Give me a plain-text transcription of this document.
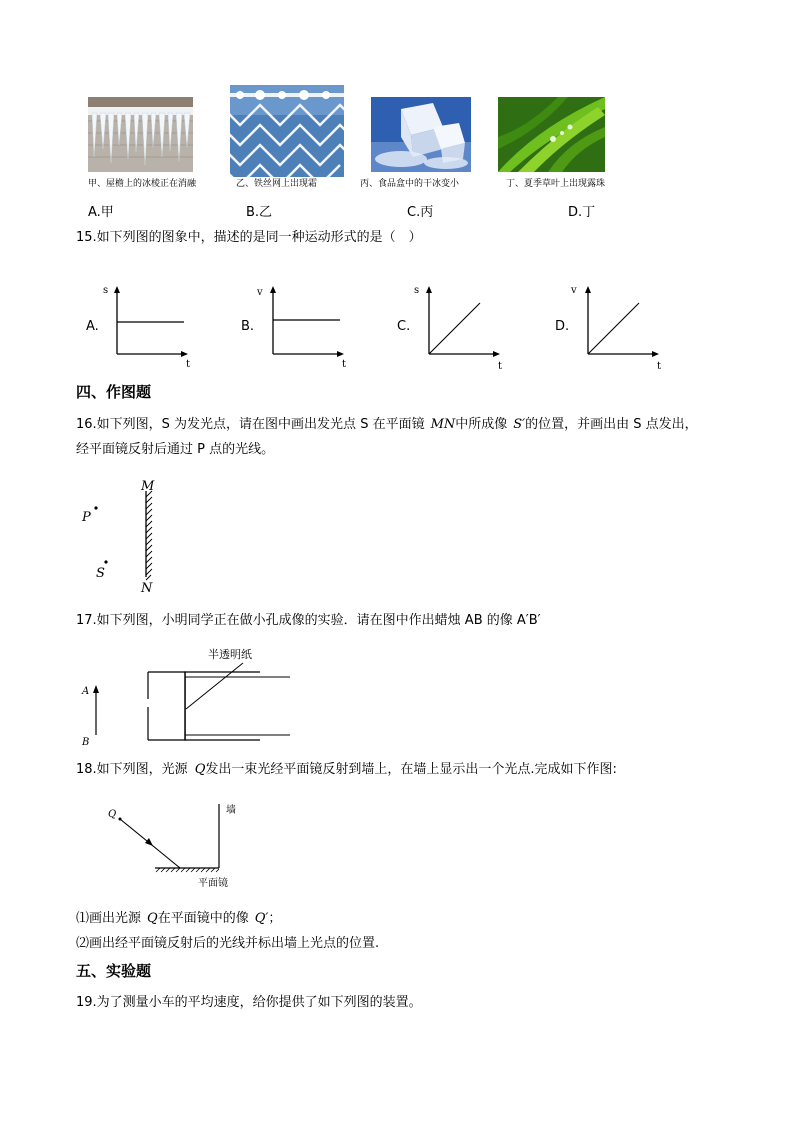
甲、屋檐上的冰棱正在消融	乙、铁丝网上出现霜	丙、食品盒中的干冰变小	丁、夏季草叶上出现露珠
A.甲	B.乙	C.丙	D.丁
15.如下列图的图象中，描述的是同一种运动形式的是（　）
A.
s
t
B.
v
t
C.
s
t
D.
v
t
四、作图题
16.如下列图，S 为发光点，请在图中画出发光点 S 在平面镜 MN中所成像 S′的位置，并画出由 S 点发出，
经平面镜反射后通过 P 点的光线。
M
N
P
S
17.如下列图，小明同学正在做小孔成像的实验．请在图中作出蜡烛 AB 的像 A′B′
半透明纸
A
B
18.如下列图，光源 Q发出一束光经平面镜反射到墙上，在墙上显示出一个光点.完成如下作图:
墙
Q
平面镜
⑴画出光源 Q在平面镜中的像 Q′；
⑵画出经平面镜反射后的光线并标出墙上光点的位置.
五、实验题
19.为了测量小车的平均速度，给你提供了如下列图的装置。
